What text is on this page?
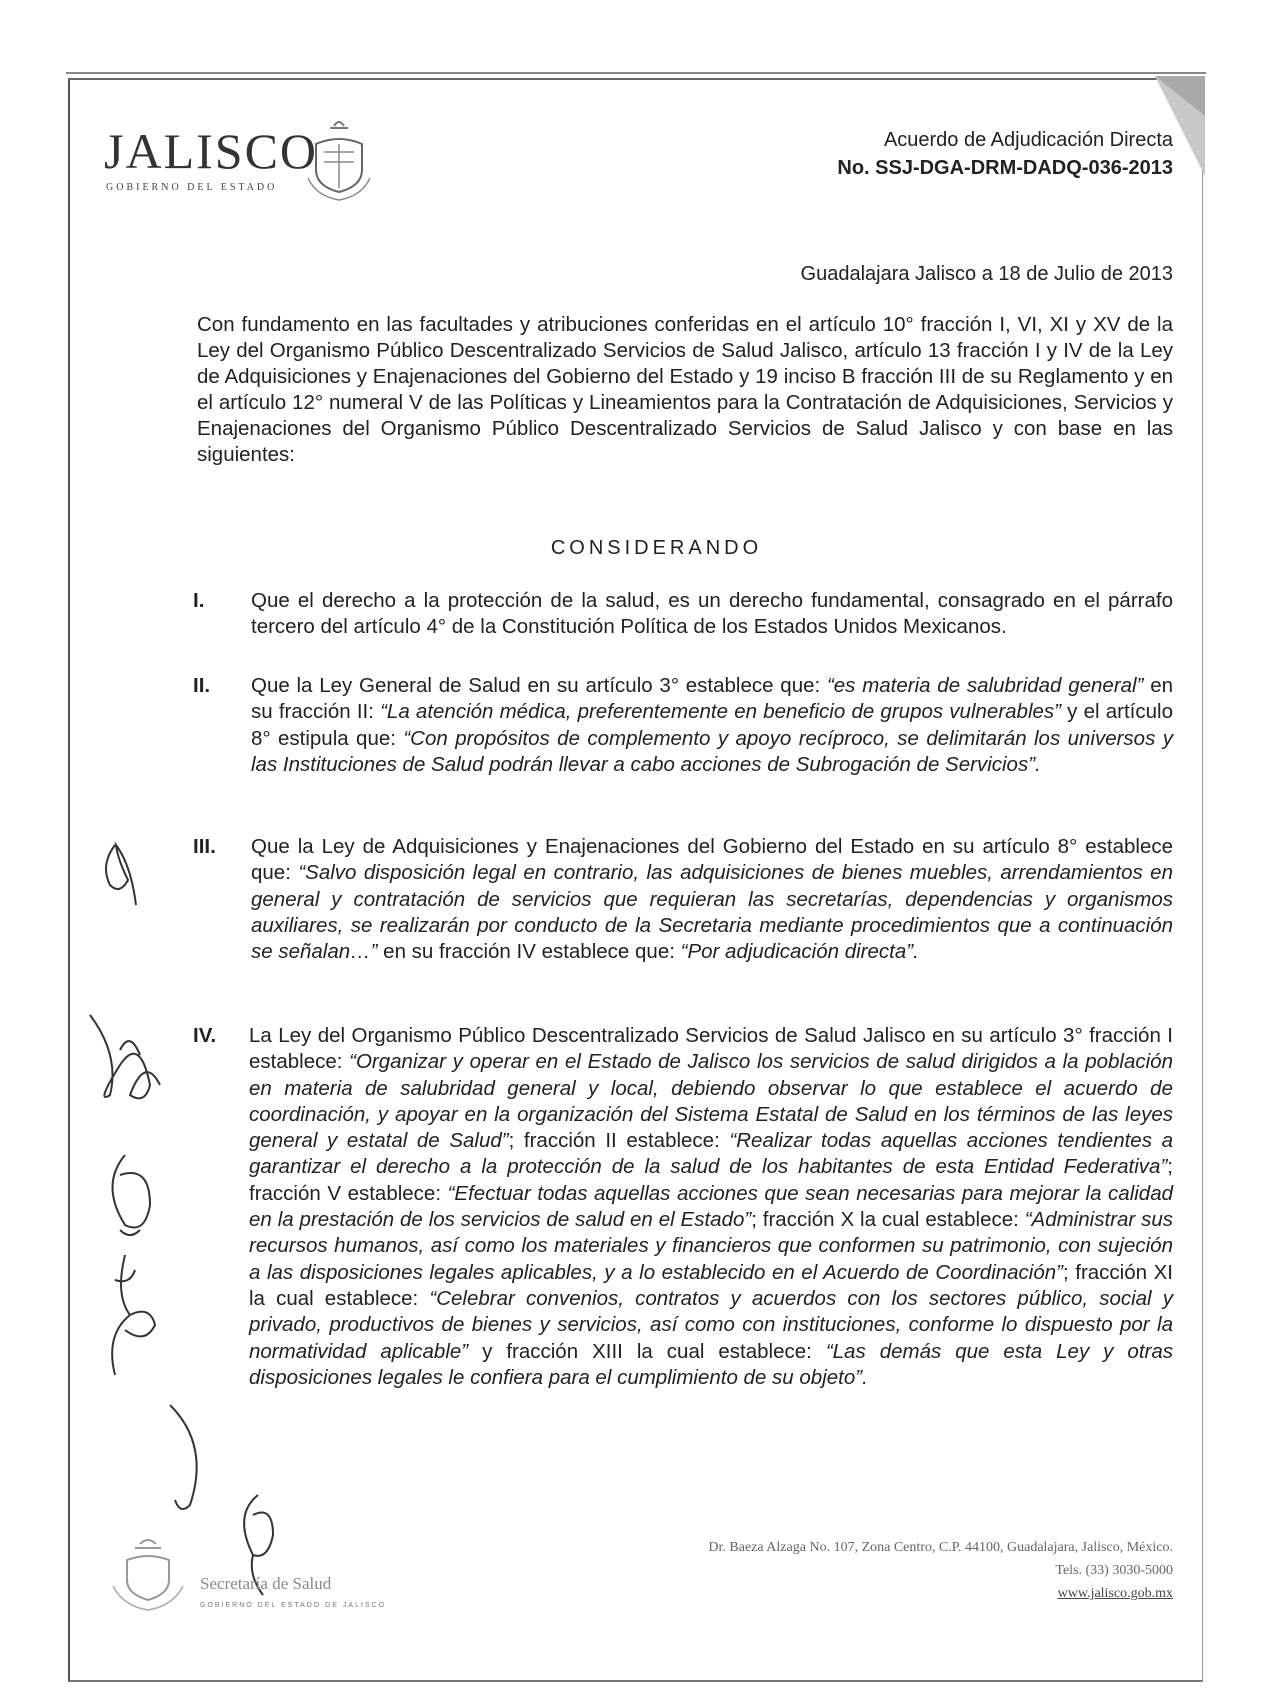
JALISCO
GOBIERNO DEL ESTADO
Acuerdo de Adjudicación Directa
No. SSJ-DGA-DRM-DADQ-036-2013
Guadalajara Jalisco a 18 de Julio de 2013
Con fundamento en las facultades y atribuciones conferidas en el artículo 10° fracción I, VI, XI y XV de la Ley del Organismo Público Descentralizado Servicios de Salud Jalisco, artículo 13 fracción I y IV de la Ley de Adquisiciones y Enajenaciones del Gobierno del Estado y 19 inciso B fracción III de su Reglamento y en el artículo 12° numeral V de las Políticas y Lineamientos para la Contratación de Adquisiciones, Servicios y Enajenaciones del Organismo Público Descentralizado Servicios de Salud Jalisco y con base en las siguientes:
CONSIDERANDO
I.	Que el derecho a la protección de la salud, es un derecho fundamental, consagrado en el párrafo tercero del artículo 4° de la Constitución Política de los Estados Unidos Mexicanos.
II.	Que la Ley General de Salud en su artículo 3° establece que: “es materia de salubridad general” en su fracción II: “La atención médica, preferentemente en beneficio de grupos vulnerables” y el artículo 8° estipula que: “Con propósitos de complemento y apoyo recíproco, se delimitarán los universos y las Instituciones de Salud podrán llevar a cabo acciones de Subrogación de Servicios”.
III.	Que la Ley de Adquisiciones y Enajenaciones del Gobierno del Estado en su artículo 8° establece que: “Salvo disposición legal en contrario, las adquisiciones de bienes muebles, arrendamientos en general y contratación de servicios que requieran las secretarías, dependencias y organismos auxiliares, se realizarán por conducto de la Secretaria mediante procedimientos que a continuación se señalan…” en su fracción IV establece que: “Por adjudicación directa”.
IV.	La Ley del Organismo Público Descentralizado Servicios de Salud Jalisco en su artículo 3° fracción I establece: “Organizar y operar en el Estado de Jalisco los servicios de salud dirigidos a la población en materia de salubridad general y local, debiendo observar lo que establece el acuerdo de coordinación, y apoyar en la organización del Sistema Estatal de Salud en los términos de las leyes general y estatal de Salud”; fracción II establece: “Realizar todas aquellas acciones tendientes a garantizar el derecho a la protección de la salud de los habitantes de esta Entidad Federativa”; fracción V establece: “Efectuar todas aquellas acciones que sean necesarias para mejorar la calidad en la prestación de los servicios de salud en el Estado”; fracción X la cual establece: “Administrar sus recursos humanos, así como los materiales y financieros que conformen su patrimonio, con sujeción a las disposiciones legales aplicables, y a lo establecido en el Acuerdo de Coordinación”; fracción XI la cual establece: “Celebrar convenios, contratos y acuerdos con los sectores público, social y privado, productivos de bienes y servicios, así como con instituciones, conforme lo dispuesto por la normatividad aplicable” y fracción XIII la cual establece: “Las demás que esta Ley y otras disposiciones legales le confiera para el cumplimiento de su objeto”.
Secretaría de Salud
GOBIERNO DEL ESTADO DE JALISCO
Dr. Baeza Alzaga No. 107, Zona Centro, C.P. 44100, Guadalajara, Jalisco, México.
Tels. (33) 3030-5000
www.jalisco.gob.mx
